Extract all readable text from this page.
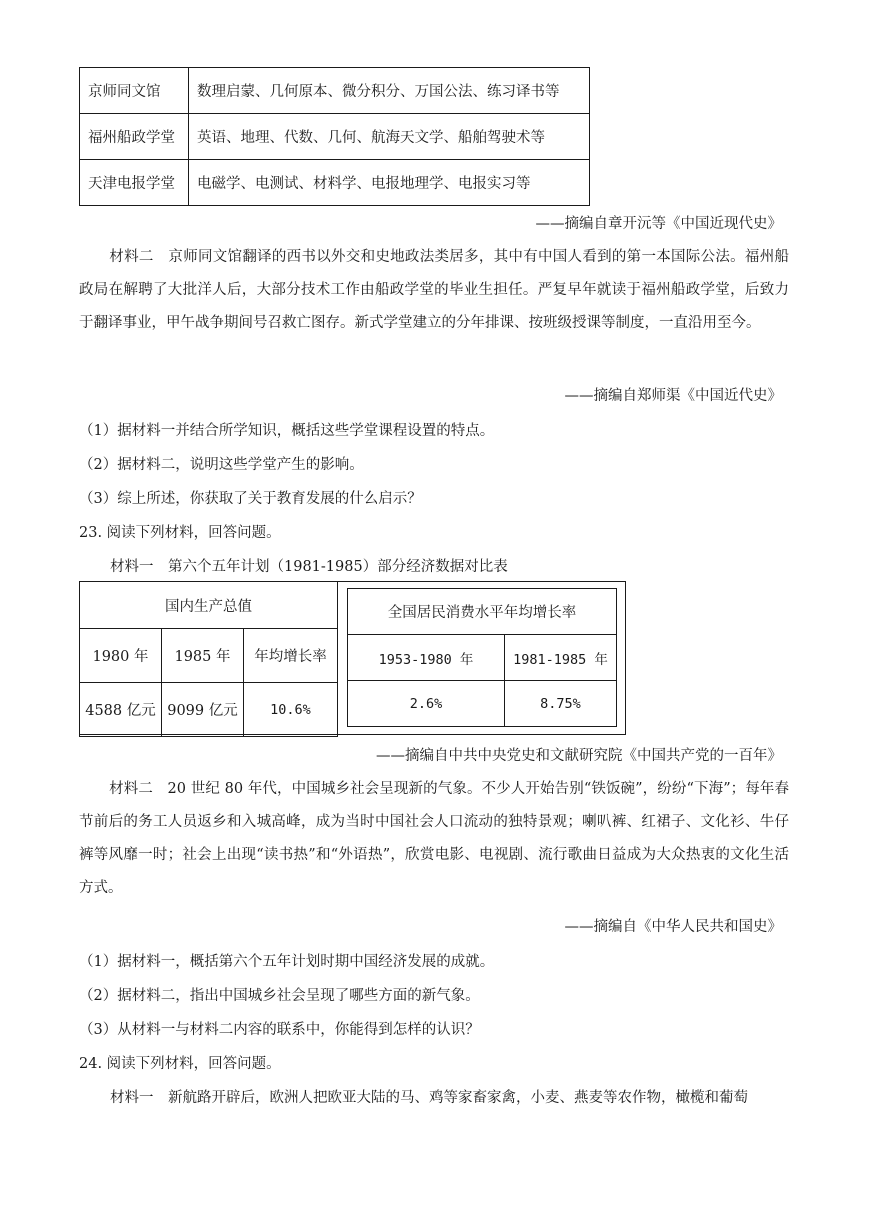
京师同文馆	数理启蒙、几何原本、微分积分、万国公法、练习译书等
福州船政学堂	英语、地理、代数、几何、航海天文学、船舶驾驶术等
天津电报学堂	电磁学、电测试、材料学、电报地理学、电报实习等
——摘编自章开沅等《中国近现代史》
材料二　京师同文馆翻译的西书以外交和史地政法类居多，其中有中国人看到的第一本国际公法。福州船政局在解聘了大批洋人后，大部分技术工作由船政学堂的毕业生担任。严复早年就读于福州船政学堂，后致力于翻译事业，甲午战争期间号召救亡图存。新式学堂建立的分年排课、按班级授课等制度，一直沿用至今。
——摘编自郑师渠《中国近代史》
（1）据材料一并结合所学知识，概括这些学堂课程设置的特点。
（2）据材料二，说明这些学堂产生的影响。
（3）综上所述，你获取了关于教育发展的什么启示？
23. 阅读下列材料，回答问题。
材料一　第六个五年计划（1981-1985）部分经济数据对比表
国内生产总值		
1980 年	1985 年	年均增长率
4588 亿元	9099 亿元	10.6%
全国居民消费水平年均增长率	
1953-1980 年	1981-1985 年
2.6%	8.75%
——摘编自中共中央党史和文献研究院《中国共产党的一百年》
材料二　20 世纪 80 年代，中国城乡社会呈现新的气象。不少人开始告别“铁饭碗”，纷纷“下海”；每年春节前后的务工人员返乡和入城高峰，成为当时中国社会人口流动的独特景观；喇叭裤、红裙子、文化衫、牛仔裤等风靡一时；社会上出现“读书热”和“外语热”，欣赏电影、电视剧、流行歌曲日益成为大众热衷的文化生活方式。
——摘编自《中华人民共和国史》
（1）据材料一，概括第六个五年计划时期中国经济发展的成就。
（2）据材料二，指出中国城乡社会呈现了哪些方面的新气象。
（3）从材料一与材料二内容的联系中，你能得到怎样的认识？
24. 阅读下列材料，回答问题。
材料一　新航路开辟后，欧洲人把欧亚大陆的马、鸡等家畜家禽，小麦、燕麦等农作物，橄榄和葡萄
